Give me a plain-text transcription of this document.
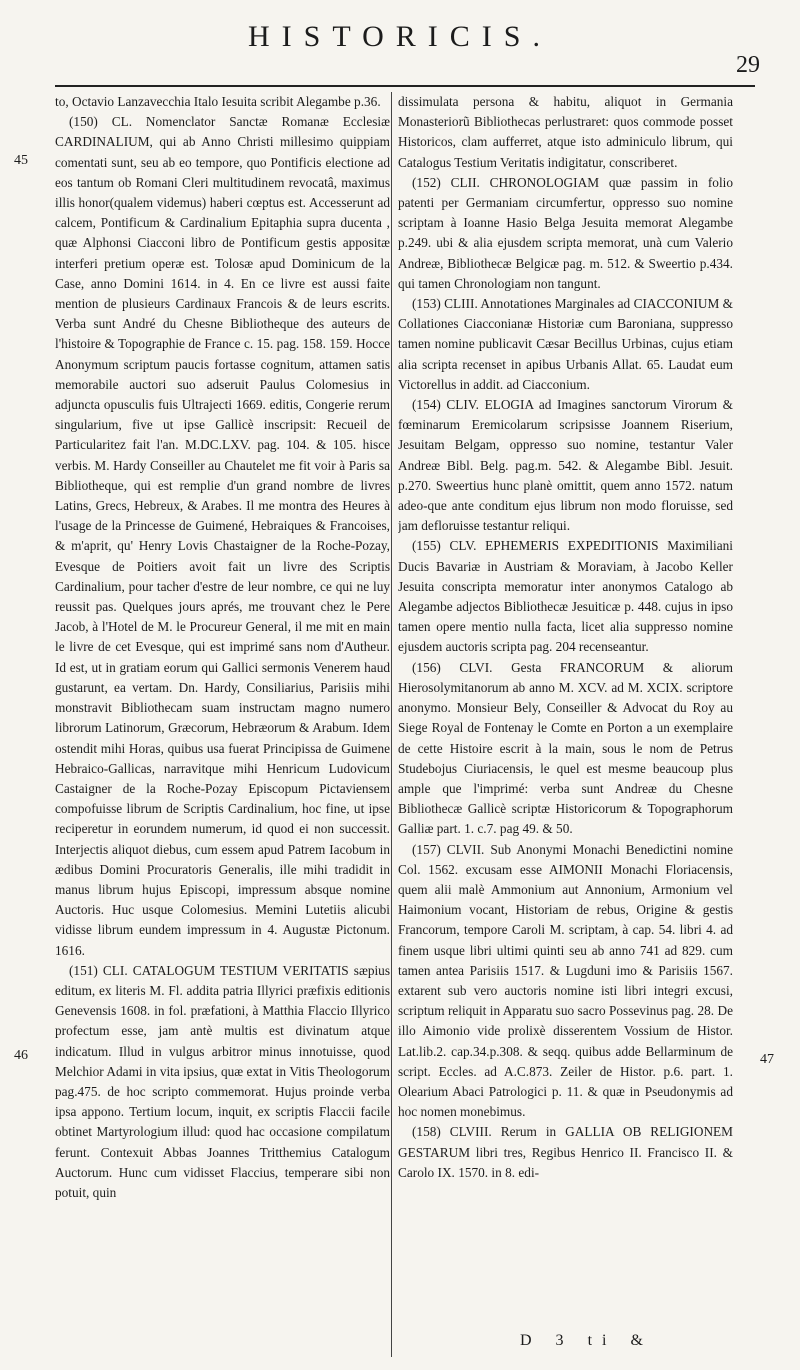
HISTORICIS.
29
45
46	47

to, Octavio Lanzavecchia Italo Iesuita scribit Alegambe p.36.

(150) CL. Nomenclator Sanctæ Romanæ Ecclesiæ CARDINALIUM, qui ab Anno Christi millesimo quippiam comentati sunt, seu ab eo tempore, quo Pontificis electione ad eos tantum ob Romani Cleri multitudinem revocatâ, maximus illis honor(qualem videmus) haberi cœptus est. Accesserunt ad calcem, Pontificum & Cardinalium Epitaphia supra ducenta , quæ Alphonsi Ciacconi libro de Pontificum gestis appositæ interferi pretium operæ est. Tolosæ apud Dominicum de la Case, anno Domini 1614. in 4. En ce livre est aussi faite mention de plusieurs Cardinaux Francois & de leurs escrits. Verba sunt André du Chesne Bibliotheque des auteurs de l'histoire & Topographie de France c. 15. pag. 158. 159. Hocce Anonymum scriptum paucis fortasse cognitum, attamen satis memorabile auctori suo adseruit Paulus Colomesius in adjuncta opusculis fuis Ultrajecti 1669. editis, Congerie rerum singularium, five ut ipse Gallicè inscripsit: Recueil de Particularitez fait l'an. M.DC.LXV. pag. 104. & 105. hisce verbis. M. Hardy Conseiller au Chautelet me fit voir à Paris sa Bibliotheque, qui est remplie d'un grand nombre de livres Latins, Grecs, Hebreux, & Arabes. Il me montra des Heures à l'usage de la Princesse de Guimené, Hebraiques & Francoises, & m'aprit, qu' Henry Lovis Chastaigner de la Roche-Pozay, Evesque de Poitiers avoit fait un livre des Scriptis Cardinalium, pour tacher d'estre de leur nombre, ce qui ne luy reussit pas. Quelques jours aprés, me trouvant chez le Pere Jacob, à l'Hotel de M. le Procureur General, il me mit en main le livre de cet Evesque, qui est imprimé sans nom d'Autheur. Id est, ut in gratiam eorum qui Gallici sermonis Venerem haud gustarunt, ea vertam. Dn. Hardy, Consiliarius, Parisiis mihi monstravit Bibliothecam suam instructam magno numero librorum Latinorum, Græcorum, Hebræorum & Arabum. Idem ostendit mihi Horas, quibus usa fuerat Principissa de Guimene Hebraico-Gallicas, narravitque mihi Henricum Ludovicum Castaigner de la Roche-Pozay Episcopum Pictaviensem compofuisse librum de Scriptis Cardinalium, hoc fine, ut ipse reciperetur in eorundem numerum, id quod ei non successit. Interjectis aliquot diebus, cum essem apud Patrem Iacobum in ædibus Domini Procuratoris Generalis, ille mihi tradidit in manus librum hujus Episcopi, impressum absque nomine Auctoris. Huc usque Colomesius. Memini Lutetiis alicubi vidisse librum eundem impressum in 4. Augustæ Pictonum. 1616.

(151) CLI. CATALOGUM TESTIUM VERITATIS sæpius editum, ex literis M. Fl. addita patria Illyrici præfixis editionis Genevensis 1608. in fol. præfationi, à Matthia Flaccio Illyrico profectum esse, jam antè multis est divinatum atque indicatum. Illud in vulgus arbitror minus innotuisse, quod Melchior Adami in vita ipsius, quæ extat in Vitis Theologorum pag.475. de hoc scripto commemorat. Hujus proinde verba ipsa appono. Tertium locum, inquit, ex scriptis Flaccii facile obtinet Martyrologium illud: quod hac occasione compilatum ferunt. Contexuit Abbas Joannes Tritthemius Catalogum Auctorum. Hunc cum vidisset Flaccius, temperare sibi non potuit, quin

dissimulata persona & habitu, aliquot in Germania Monasteriorũ Bibliothecas perlustraret: quos commode posset Historicos, clam aufferret, atque isto adminiculo librum, qui Catalogus Testium Veritatis indigitatur, conscriberet.

(152) CLII. CHRONOLOGIAM quæ passim in folio patenti per Germaniam circumfertur, oppresso suo nomine scriptam à Ioanne Hasio Belga Jesuita memorat Alegambe p.249. ubi & alia ejusdem scripta memorat, unà cum Valerio Andreæ, Bibliothecæ Belgicæ pag. m. 512. & Sweertio p.434. qui tamen Chronologiam non tangunt.

(153) CLIII. Annotationes Marginales ad CIACCONIUM & Collationes Ciacconianæ Historiæ cum Baroniana, suppresso tamen nomine publicavit Cæsar Becillus Urbinas, cujus etiam alia scripta recenset in apibus Urbanis Allat. 65. Laudat eum Victorellus in addit. ad Ciacconium.

(154) CLIV. ELOGIA ad Imagines sanctorum Virorum & fœminarum Eremicolarum scripsisse Joannem Riserium, Jesuitam Belgam, oppresso suo nomine, testantur Valer Andreæ Bibl. Belg. pag.m. 542. & Alegambe Bibl. Jesuit. p.270. Sweertius hunc planè omittit, quem anno 1572. natum adeo-que ante conditum ejus librum non modo floruisse, sed jam defloruisse testantur reliqui.

(155) CLV. EPHEMERIS EXPEDITIONIS Maximiliani Ducis Bavariæ in Austriam & Moraviam, à Jacobo Keller Jesuita conscripta memoratur inter anonymos Catalogo ab Alegambe adjectos Bibliothecæ Jesuiticæ p. 448. cujus in ipso tamen opere mentio nulla facta, licet alia suppresso nomine ejusdem auctoris scripta pag. 204 recenseantur.

(156) CLVI. Gesta FRANCORUM & aliorum Hierosolymitanorum ab anno M. XCV. ad M. XCIX. scriptore anonymo. Monsieur Bely, Conseiller & Advocat du Roy au Siege Royal de Fontenay le Comte en Porton a un exemplaire de cette Histoire escrit à la main, sous le nom de Petrus Studebojus Ciuriacensis, le quel est mesme beaucoup plus ample que l'imprimé: verba sunt Andreæ du Chesne Bibliothecæ Gallicè scriptæ Historicorum & Topographorum Galliæ part. 1. c.7. pag 49. & 50.

(157) CLVII. Sub Anonymi Monachi Benedictini nomine Col. 1562. excusam esse AIMONII Monachi Floriacensis, quem alii malè Ammonium aut Annonium, Armonium vel Haimonium vocant, Historiam de rebus, Origine & gestis Francorum, tempore Caroli M. scriptam, à cap. 54. libri 4. ad finem usque libri ultimi quinti seu ab anno 741 ad 829. cum tamen antea Parisiis 1517. & Lugduni imo & Parisiis 1567. extarent sub vero auctoris nomine isti libri integri excusi, scriptum reliquit in Apparatu suo sacro Possevinus pag. 28. De illo Aimonio vide prolixè disserentem Vossium de Histor. Lat.lib.2. cap.34.p.308. & seqq. quibus adde Bellarminum de script. Eccles. ad A.C.873. Zeiler de Histor. p.6. part. 1. Olearium Abaci Patrologici p. 11. & quæ in Pseudonymis ad hoc nomen monebimus.

(158) CLVIII. Rerum in GALLIA OB RELIGIONEM GESTARUM libri tres, Regibus Henrico II. Francisco II. & Carolo IX. 1570. in 8. edi-

D 3 ti &
